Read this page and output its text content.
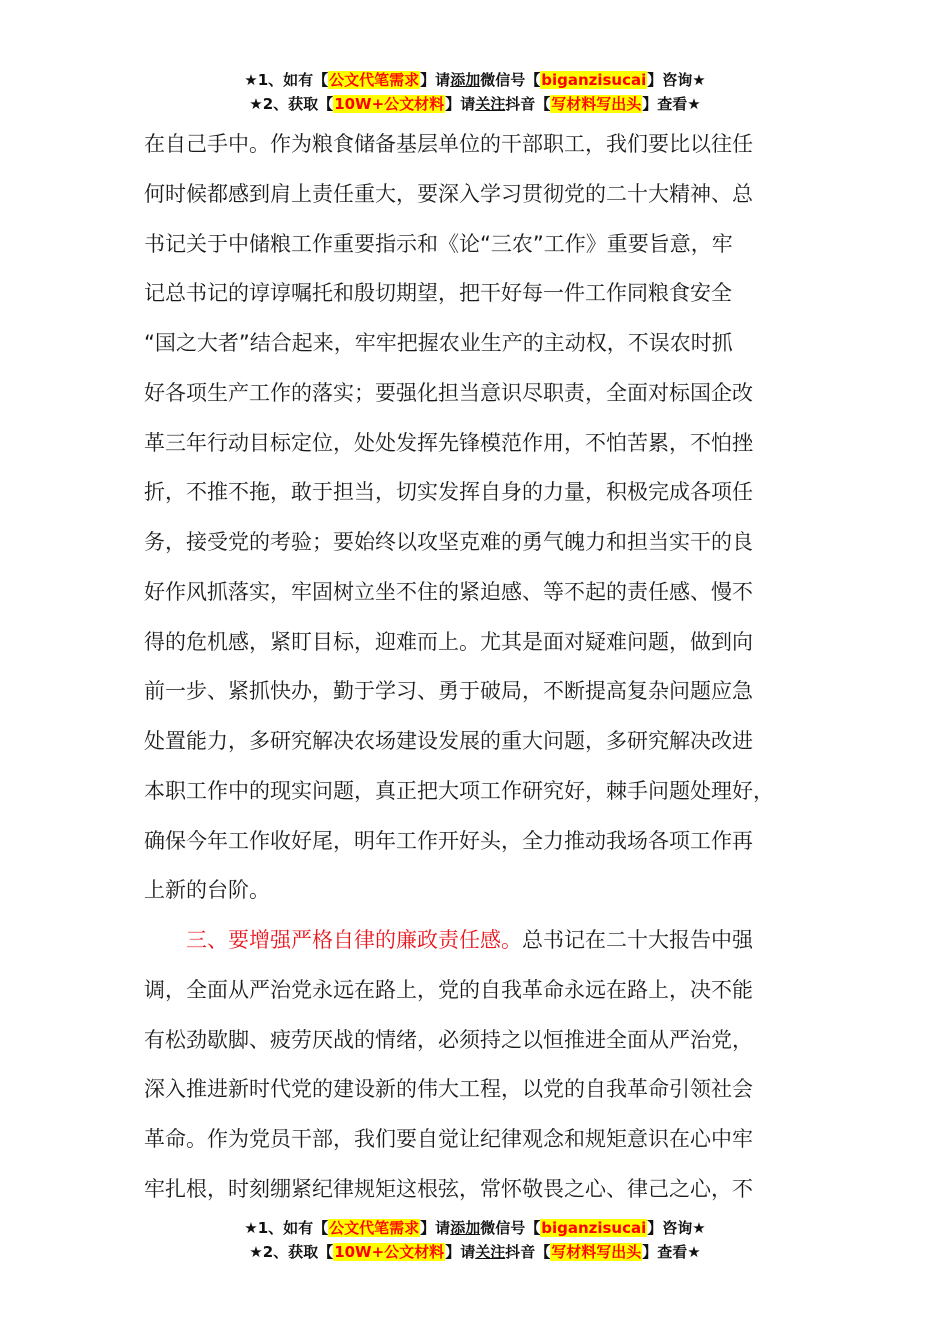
★1、如有【公文代笔需求】请添加微信号【biganzisucai】咨询★
★2、获取【10W+公文材料】请关注抖音【写材料写出头】查看★
在自己手中。作为粮食储备基层单位的干部职工，我们要比以往任
何时候都感到肩上责任重大，要深入学习贯彻党的二十大精神、总
书记关于中储粮工作重要指示和《论“三农”工作》重要旨意，牢
记总书记的谆谆嘱托和殷切期望，把干好每一件工作同粮食安全
“国之大者”结合起来，牢牢把握农业生产的主动权，不误农时抓
好各项生产工作的落实；要强化担当意识尽职责，全面对标国企改
革三年行动目标定位，处处发挥先锋模范作用，不怕苦累，不怕挫
折，不推不拖，敢于担当，切实发挥自身的力量，积极完成各项任
务，接受党的考验；要始终以攻坚克难的勇气魄力和担当实干的良
好作风抓落实，牢固树立坐不住的紧迫感、等不起的责任感、慢不
得的危机感，紧盯目标，迎难而上。尤其是面对疑难问题，做到向
前一步、紧抓快办，勤于学习、勇于破局，不断提高复杂问题应急
处置能力，多研究解决农场建设发展的重大问题，多研究解决改进
本职工作中的现实问题，真正把大项工作研究好，棘手问题处理好，
确保今年工作收好尾，明年工作开好头，全力推动我场各项工作再
上新的台阶。
三、要增强严格自律的廉政责任感。总书记在二十大报告中强
调，全面从严治党永远在路上，党的自我革命永远在路上，决不能
有松劲歇脚、疲劳厌战的情绪，必须持之以恒推进全面从严治党，
深入推进新时代党的建设新的伟大工程，以党的自我革命引领社会
革命。作为党员干部，我们要自觉让纪律观念和规矩意识在心中牢
牢扎根，时刻绷紧纪律规矩这根弦，常怀敬畏之心、律己之心，不
★1、如有【公文代笔需求】请添加微信号【biganzisucai】咨询★
★2、获取【10W+公文材料】请关注抖音【写材料写出头】查看★
